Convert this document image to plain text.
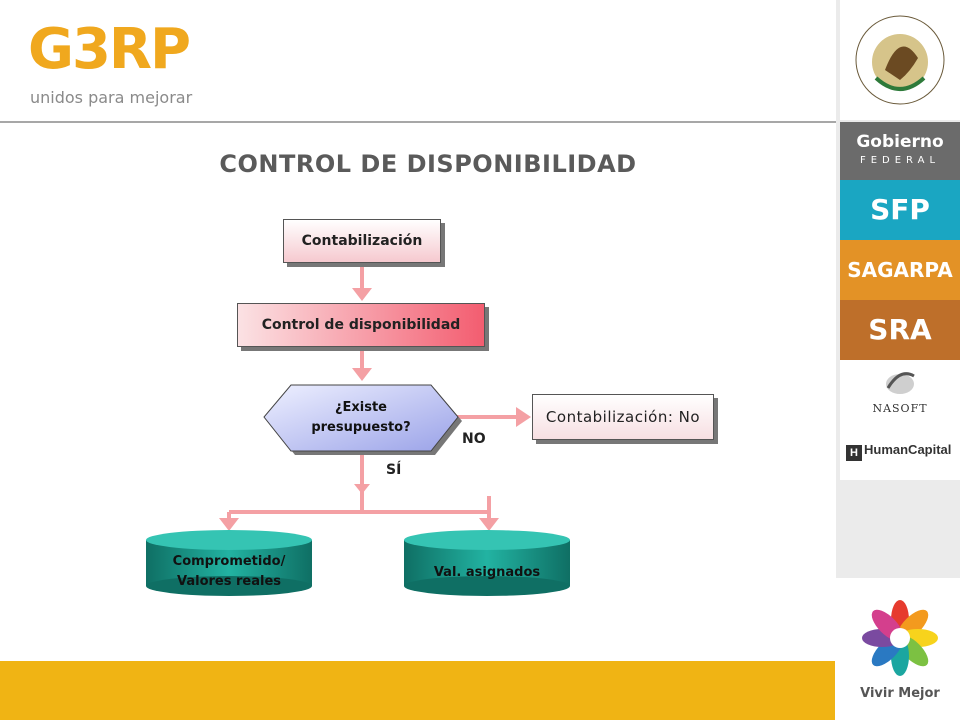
G3RP
unidos para mejorar
CONTROL DE DISPONIBILIDAD
Gobierno
FEDERAL
SFP
SAGARPA
SRA
NASOFT
H HumanCapital
Vivir Mejor
Contabilización
Control de disponibilidad
¿Existe
presupuesto?
Contabilización: No
NO
SÍ
Comprometido/
Valores reales
Val. asignados
